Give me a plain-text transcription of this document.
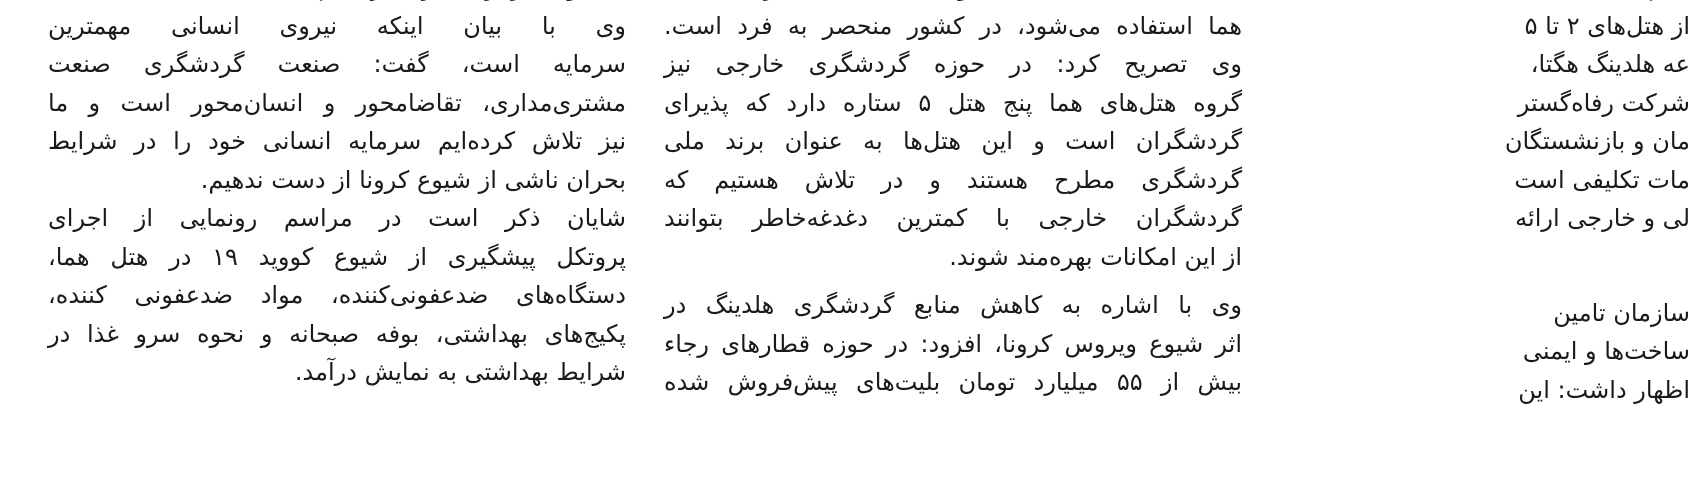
از هتل‌های ۲ تا ۵
عه هلدینگ هگتا،
شرکت رفاه‌گستر
مان و بازنشستگان
مات تکلیفی است
لی و خارجی ارائه
سازمان تامین
ساخت‌ها و ایمنی
اظهار داشت: این
هما استفاده می‌شود، در کشور منحصر به فرد است.
وی تصریح کرد: در حوزه گردشگری خارجی نیز
گروه هتل‌های هما پنج هتل ۵ ستاره دارد که پذیرای
گردشگران است و این هتل‌ها به عنوان برند ملی
گردشگری مطرح هستند و در تلاش هستیم که
گردشگران خارجی با کمترین دغدغه‌خاطر بتوانند
از این امکانات بهره‌مند شوند.
وی با اشاره به کاهش منابع گردشگری هلدینگ در
اثر شیوع ویروس کرونا، افزود: در حوزه قطارهای رجاء
بیش از ۵۵ میلیارد تومان بلیت‌های پیش‌فروش شده
وی با بیان اینکه نیروی انسانی مهمترین
سرمایه است، گفت: صنعت گردشگری صنعت
مشتری‌مداری، تقاضامحور و انسان‌محور است و ما
نیز تلاش کرده‌ایم سرمایه انسانی خود را در شرایط
بحران ناشی از شیوع کرونا از دست ندهیم.
شایان ذکر است در مراسم رونمایی از اجرای
پروتکل پیشگیری از شیوع کووید ۱۹ در هتل هما،
دستگاه‌های ضدعفونی‌کننده، مواد ضدعفونی کننده،
پکیج‌های بهداشتی، بوفه صبحانه و نحوه سرو غذا در
شرایط بهداشتی به نمایش درآمد.
